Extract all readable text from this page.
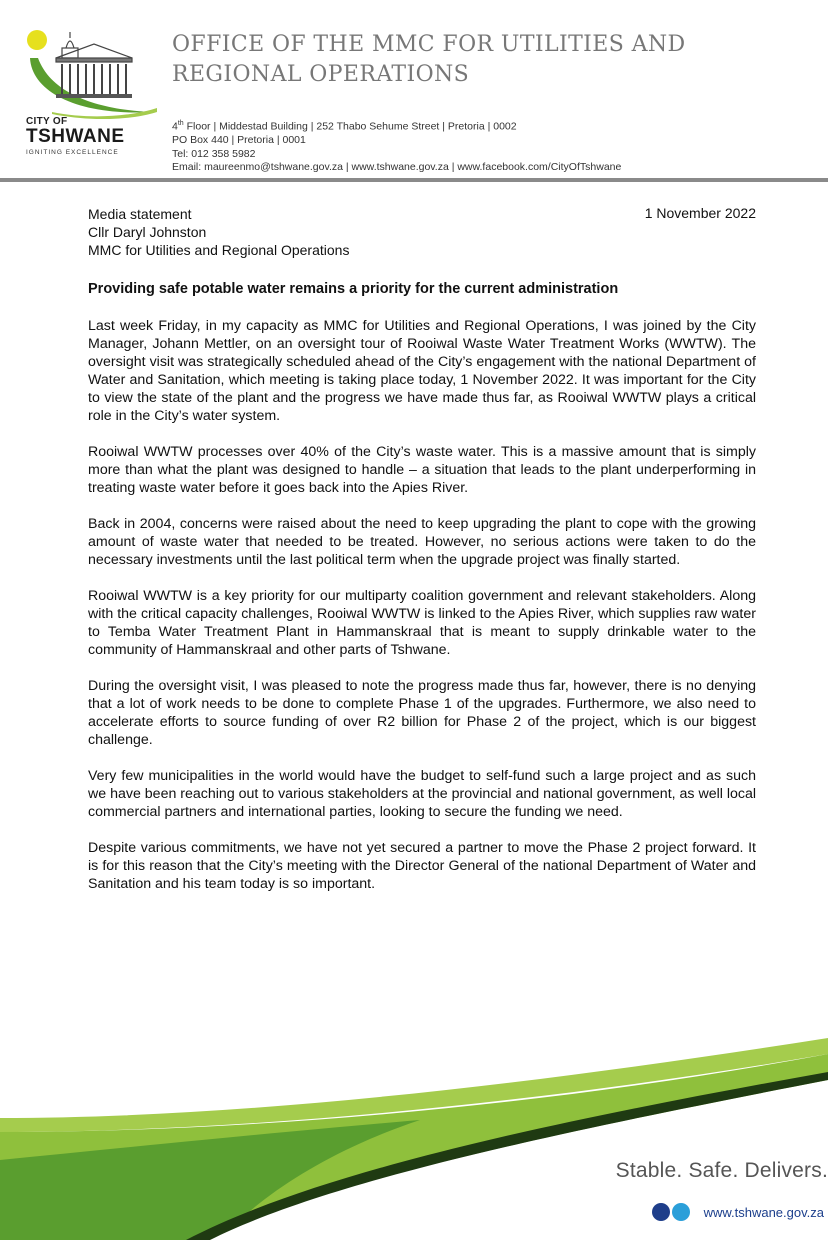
CITY OF
TSHWANE
IGNITING EXCELLENCE
OFFICE OF THE MMC FOR UTILITIES AND REGIONAL OPERATIONS
4th Floor | Middestad Building | 252 Thabo Sehume Street | Pretoria | 0002
PO Box 440 | Pretoria | 0001
Tel: 012 358 5982
Email: maureenmo@tshwane.gov.za | www.tshwane.gov.za | www.facebook.com/CityOfTshwane
Media statement
Cllr Daryl Johnston
MMC for Utilities and Regional Operations
1 November 2022
Providing safe potable water remains a priority for the current administration

Last week Friday, in my capacity as MMC for Utilities and Regional Operations, I was joined by the City Manager, Johann Mettler, on an oversight tour of Rooiwal Waste Water Treatment Works (WWTW). The oversight visit was strategically scheduled ahead of the City’s engagement with the national Department of Water and Sanitation, which meeting is taking place today, 1 November 2022. It was important for the City to view the state of the plant and the progress we have made thus far, as Rooiwal WWTW plays a critical role in the City’s water system.

Rooiwal WWTW processes over 40% of the City’s waste water. This is a massive amount that is simply more than what the plant was designed to handle – a situation that leads to the plant underperforming in treating waste water before it goes back into the Apies River.

Back in 2004, concerns were raised about the need to keep upgrading the plant to cope with the growing amount of waste water that needed to be treated. However, no serious actions were taken to do the necessary investments until the last political term when the upgrade project was finally started.

Rooiwal WWTW is a key priority for our multiparty coalition government and relevant stakeholders. Along with the critical capacity challenges, Rooiwal WWTW is linked to the Apies River, which supplies raw water to Temba Water Treatment Plant in Hammanskraal that is meant to supply drinkable water to the community of Hammanskraal and other parts of Tshwane.

During the oversight visit, I was pleased to note the progress made thus far, however, there is no denying that a lot of work needs to be done to complete Phase 1 of the upgrades. Furthermore, we also need to accelerate efforts to source funding of over R2 billion for Phase 2 of the project, which is our biggest challenge.

Very few municipalities in the world would have the budget to self-fund such a large project and as such we have been reaching out to various stakeholders at the provincial and national government, as well local commercial partners and international parties, looking to secure the funding we need.

Despite various commitments, we have not yet secured a partner to move the Phase 2 project forward. It is for this reason that the City’s meeting with the Director General of the national Department of Water and Sanitation and his team today is so important.

Stable. Safe. Delivers.
www.tshwane.gov.za
